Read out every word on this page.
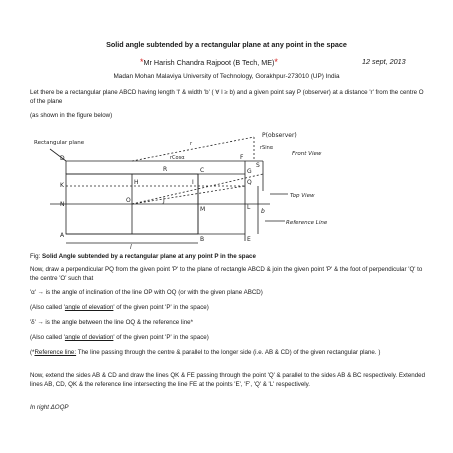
Solid angle subtended by a rectangular plane at any point in the space
*Mr Harish Chandra Rajpoot (B Tech, ME)*	12 sept, 2013
Madan Mohan Malaviya University of Technology, Gorakhpur-273010 (UP) India
Let there be a rectangular plane ABCD having length 'l' & width 'b' ( ∀ l ≥ b) and a given point say P (observer) at a distance 'r' from the centre O of the plane
(as shown in the figure below)
P(observer)
Rectangular plane
Front View
Top View
Reference Line
rSinα
rCosα
r
l
b
D
K
N
A
C
L
E
B
O
M
Q
R
F
G
H	I
J
S
Fig: Solid Angle subtended by a rectangular plane at any point P in the space
Now, draw a perpendicular PQ from the given point 'P' to the plane of rectangle ABCD & join the given point 'P' & the foot of perpendicular 'Q' to the centre 'O' such that
'α' → is the angle of inclination of the line OP with OQ (or with the given plane ABCD)
(Also called 'angle of elevation' of the given point 'P' in the space)
'δ' → is the angle between the line OQ & the reference line*
(Also called 'angle of deviation' of the given point 'P' in the space)
(*Reference line: The line passing through the centre & parallel to the longer side (i.e. AB & CD) of the given rectangular plane. )
Now, extend the sides AB & CD and draw the lines QK & FE passing through the point 'Q' & parallel to the sides AB & BC respectively. Extended lines AB, CD, QK & the reference line intersecting the line FE at the points 'E', 'F', 'Q' & 'L' respectively.
In right ΔOQP
